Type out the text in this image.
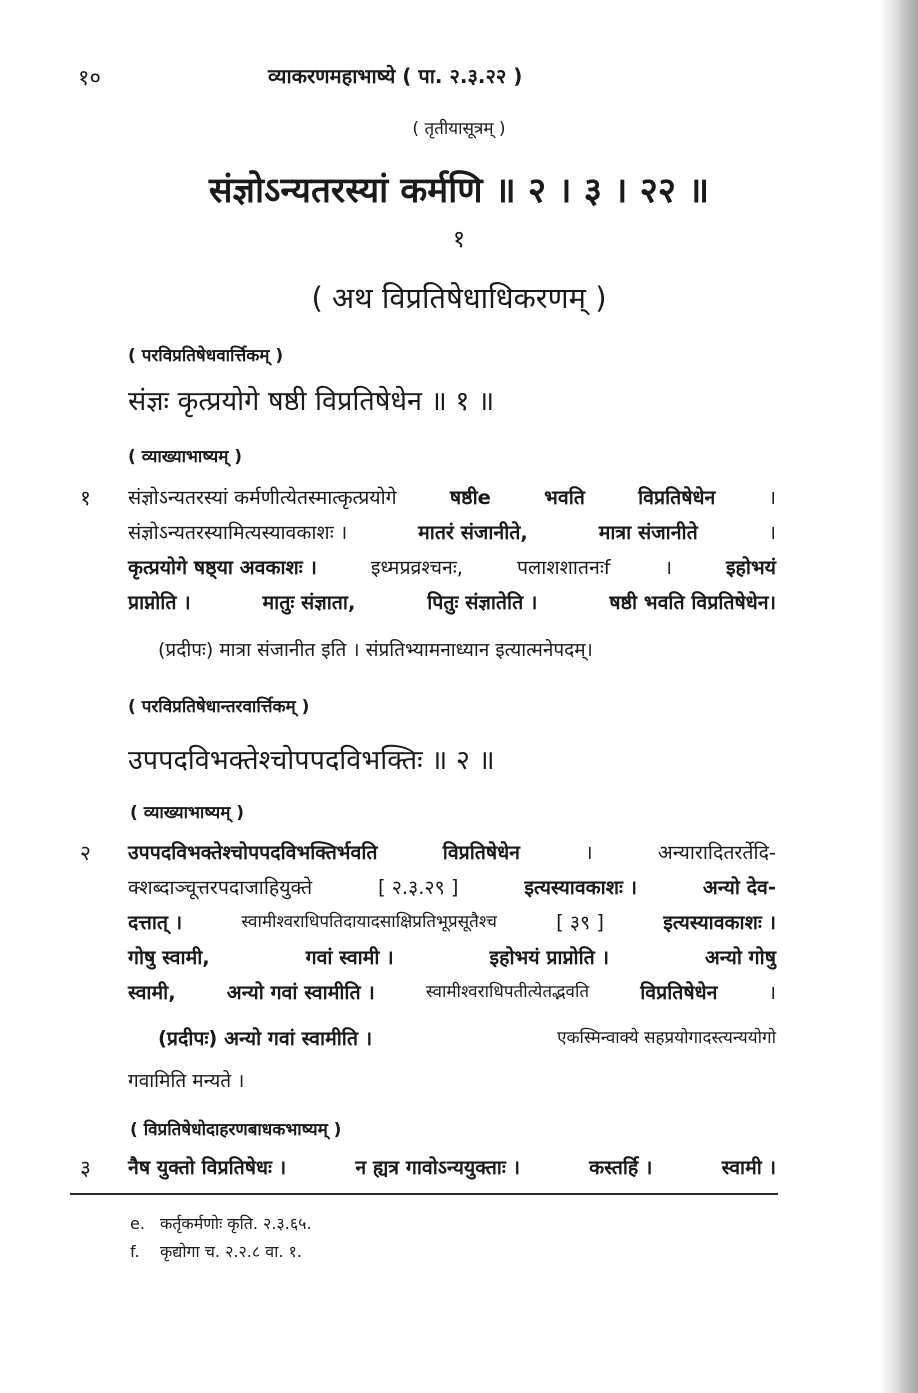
१०	व्याकरणमहाभाष्ये ( पा. २.३.२२ )
( तृतीयासूत्रम् )
संज्ञोऽन्यतरस्यां कर्मणि ॥ २ । ३ । २२ ॥
१
( अथ विप्रतिषेधाधिकरणम् )
( परविप्रतिषेधवार्त्तिकम् )
संज्ञः कृत्प्रयोगे षष्ठी विप्रतिषेधेन ॥ १ ॥
( व्याख्याभाष्यम् )
१ संज्ञोऽन्यतरस्यां कर्मणीत्येतस्मात्कृत्प्रयोगे	षष्ठीe	भवति	विप्रतिषेधेन	।
संज्ञोऽन्यतरस्यामित्यस्यावकाशः ।	मातरं संजानीते,	मात्रा संजानीते	।
कृत्प्रयोगे षष्ठ्या अवकाशः ।	इध्मप्रव्रश्चनः,	पलाशशातनःf	।	इहोभयं
प्राप्नोति ।	मातुः संज्ञाता,	पितुः संज्ञातेति ।	षष्ठी भवति विप्रतिषेधेन।
(प्रदीपः) मात्रा संजानीत इति । संप्रतिभ्यामनाध्यान इत्यात्मनेपदम्।
( परविप्रतिषेधान्तरवार्त्तिकम् )
उपपदविभक्तेश्चोपपदविभक्तिः ॥ २ ॥
( व्याख्याभाष्यम् )
२ उपपदविभक्तेश्चोपपदविभक्तिर्भवति	विप्रतिषेधेन	।	अन्यारादितरर्तेदि-
क्शब्दाञ्चूत्तरपदाजाहियुक्ते	[ २.३.२९ ]	इत्यस्यावकाशः ।	अन्यो देव-
दत्तात् ।	स्वामीश्वराधिपतिदायादसाक्षिप्रतिभूप्रसूतैश्च	[ ३९ ]	इत्यस्यावकाशः ।
गोषु स्वामी,	गवां स्वामी ।	इहोभयं प्राप्नोति ।	अन्यो गोषु
स्वामी,	अन्यो गवां स्वामीति ।	स्वामीश्वराधिपतीत्येतद्भवति	विप्रतिषेधेन	।
(प्रदीपः) अन्यो गवां स्वामीति ।	एकस्मिन्वाक्ये सहप्रयोगादस्त्यन्ययोगो
गवामिति मन्यते ।
( विप्रतिषेधोदाहरणबाधकभाष्यम् )
३ नैष युक्तो विप्रतिषेधः ।	न ह्यत्र गावोऽन्ययुक्ताः ।	कस्तर्हि ।	स्वामी ।
e. कर्तृकर्मणोः कृति. २.३.६५.
f. कृद्योगा च. २.२.८ वा. १.
